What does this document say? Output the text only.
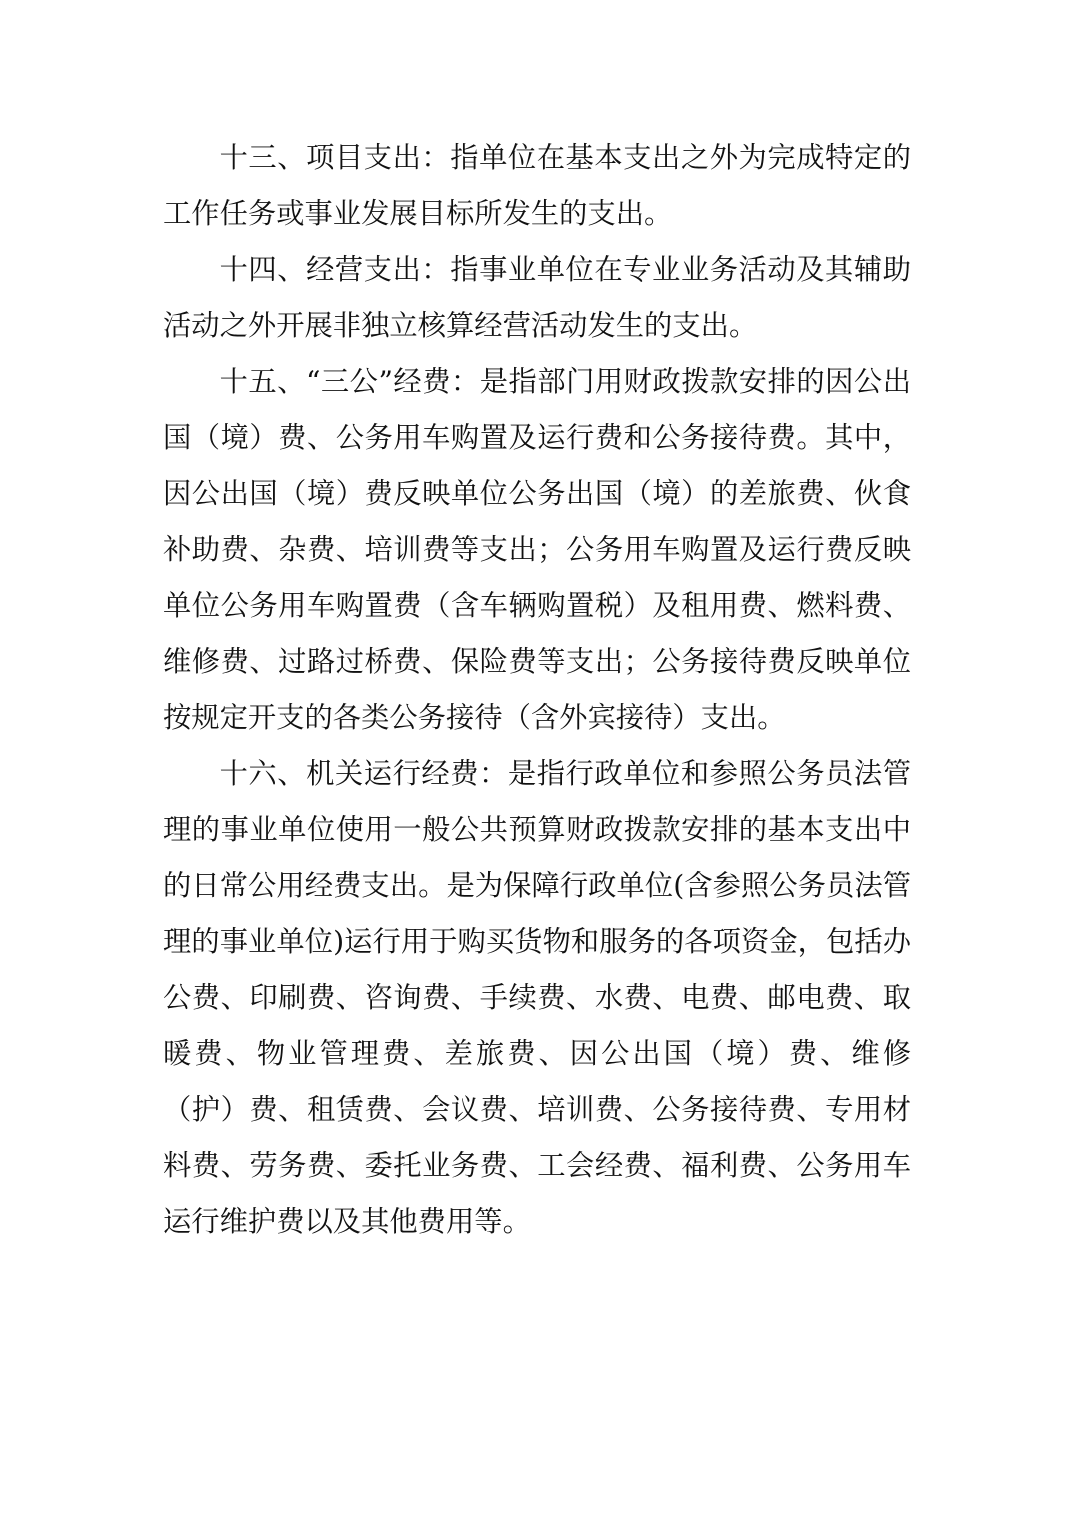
十三、项目支出：指单位在基本支出之外为完成特定的工作任务或事业发展目标所发生的支出。

十四、经营支出：指事业单位在专业业务活动及其辅助活动之外开展非独立核算经营活动发生的支出。

十五、“三公”经费：是指部门用财政拨款安排的因公出国（境）费、公务用车购置及运行费和公务接待费。其中，因公出国（境）费反映单位公务出国（境）的差旅费、伙食补助费、杂费、培训费等支出；公务用车购置及运行费反映单位公务用车购置费（含车辆购置税）及租用费、燃料费、维修费、过路过桥费、保险费等支出；公务接待费反映单位按规定开支的各类公务接待（含外宾接待）支出。

十六、机关运行经费：是指行政单位和参照公务员法管理的事业单位使用一般公共预算财政拨款安排的基本支出中的日常公用经费支出。是为保障行政单位(含参照公务员法管理的事业单位)运行用于购买货物和服务的各项资金，包括办公费、印刷费、咨询费、手续费、水费、电费、邮电费、取暖费、物业管理费、差旅费、因公出国（境）费、维修（护）费、租赁费、会议费、培训费、公务接待费、专用材料费、劳务费、委托业务费、工会经费、福利费、公务用车运行维护费以及其他费用等。
